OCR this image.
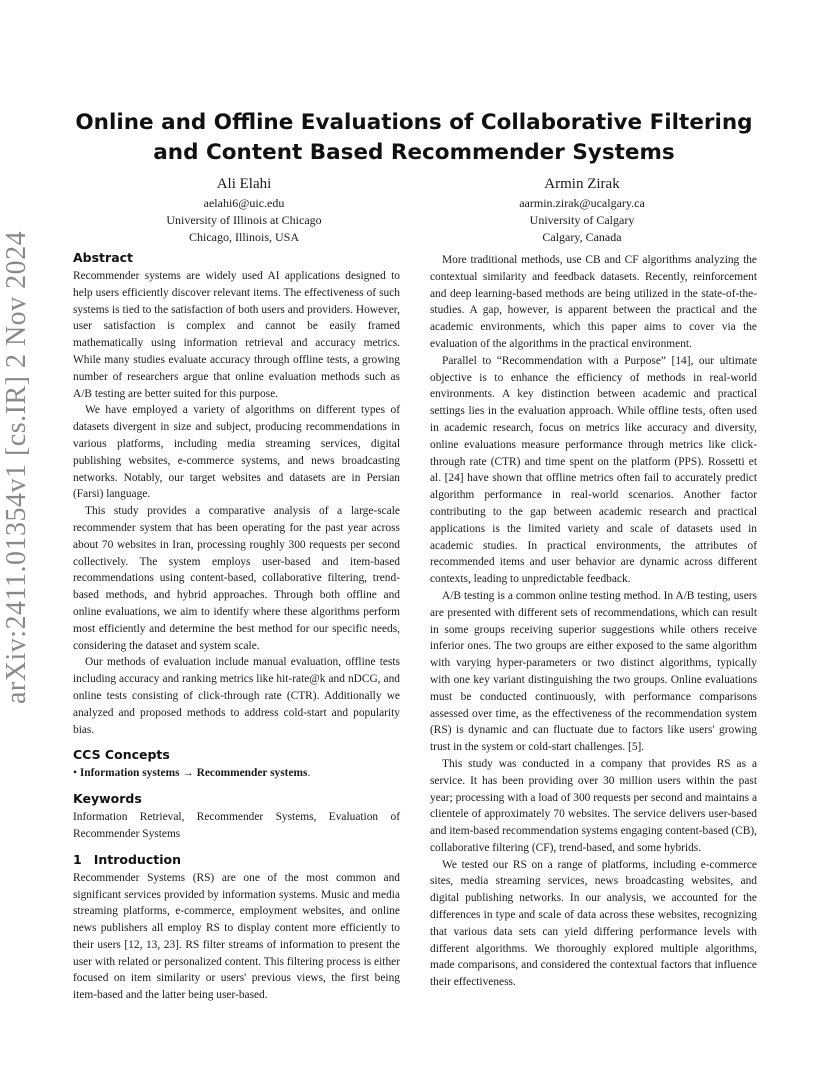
arXiv:2411.01354v1 [cs.IR] 2 Nov 2024
Online and Offline Evaluations of Collaborative Filtering and Content Based Recommender Systems
Ali Elahi
aelahi6@uic.edu
University of Illinois at Chicago
Chicago, Illinois, USA
Armin Zirak
aarmin.zirak@ucalgary.ca
University of Calgary
Calgary, Canada
Abstract

Recommender systems are widely used AI applications designed to help users efficiently discover relevant items. The effectiveness of such systems is tied to the satisfaction of both users and providers. However, user satisfaction is complex and cannot be easily framed mathematically using information retrieval and accuracy metrics. While many studies evaluate accuracy through offline tests, a growing number of researchers argue that online evaluation methods such as A/B testing are better suited for this purpose.

We have employed a variety of algorithms on different types of datasets divergent in size and subject, producing recommendations in various platforms, including media streaming services, digital publishing websites, e-commerce systems, and news broadcasting networks. Notably, our target websites and datasets are in Persian (Farsi) language.

This study provides a comparative analysis of a large-scale recommender system that has been operating for the past year across about 70 websites in Iran, processing roughly 300 requests per second collectively. The system employs user-based and item-based recommendations using content-based, collaborative filtering, trend-based methods, and hybrid approaches. Through both offline and online evaluations, we aim to identify where these algorithms perform most efficiently and determine the best method for our specific needs, considering the dataset and system scale.

Our methods of evaluation include manual evaluation, offline tests including accuracy and ranking metrics like hit-rate@k and nDCG, and online tests consisting of click-through rate (CTR). Additionally we analyzed and proposed methods to address cold-start and popularity bias.

CCS Concepts

• Information systems → Recommender systems.

Keywords

Information Retrieval, Recommender Systems, Evaluation of Recommender Systems

1 Introduction

Recommender Systems (RS) are one of the most common and significant services provided by information systems. Music and media streaming platforms, e-commerce, employment websites, and online news publishers all employ RS to display content more efficiently to their users [12, 13, 23]. RS filter streams of information to present the user with related or personalized content. This filtering process is either focused on item similarity or users' previous views, the first being item-based and the latter being user-based.

More traditional methods, use CB and CF algorithms analyzing the contextual similarity and feedback datasets. Recently, reinforcement and deep learning-based methods are being utilized in the state-of-the-studies. A gap, however, is apparent between the practical and the academic environments, which this paper aims to cover via the evaluation of the algorithms in the practical environment.

Parallel to “Recommendation with a Purpose” [14], our ultimate objective is to enhance the efficiency of methods in real-world environments. A key distinction between academic and practical settings lies in the evaluation approach. While offline tests, often used in academic research, focus on metrics like accuracy and diversity, online evaluations measure performance through metrics like click-through rate (CTR) and time spent on the platform (PPS). Rossetti et al. [24] have shown that offline metrics often fail to accurately predict algorithm performance in real-world scenarios. Another factor contributing to the gap between academic research and practical applications is the limited variety and scale of datasets used in academic studies. In practical environments, the attributes of recommended items and user behavior are dynamic across different contexts, leading to unpredictable feedback.

A/B testing is a common online testing method. In A/B testing, users are presented with different sets of recommendations, which can result in some groups receiving superior suggestions while others receive inferior ones. The two groups are either exposed to the same algorithm with varying hyper-parameters or two distinct algorithms, typically with one key variant distinguishing the two groups. Online evaluations must be conducted continuously, with performance comparisons assessed over time, as the effectiveness of the recommendation system (RS) is dynamic and can fluctuate due to factors like users' growing trust in the system or cold-start challenges. [5].

This study was conducted in a company that provides RS as a service. It has been providing over 30 million users within the past year; processing with a load of 300 requests per second and maintains a clientele of approximately 70 websites. The service delivers user-based and item-based recommendation systems engaging content-based (CB), collaborative filtering (CF), trend-based, and some hybrids.

We tested our RS on a range of platforms, including e-commerce sites, media streaming services, news broadcasting websites, and digital publishing networks. In our analysis, we accounted for the differences in type and scale of data across these websites, recognizing that various data sets can yield differing performance levels with different algorithms. We thoroughly explored multiple algorithms, made comparisons, and considered the contextual factors that influence their effectiveness.
